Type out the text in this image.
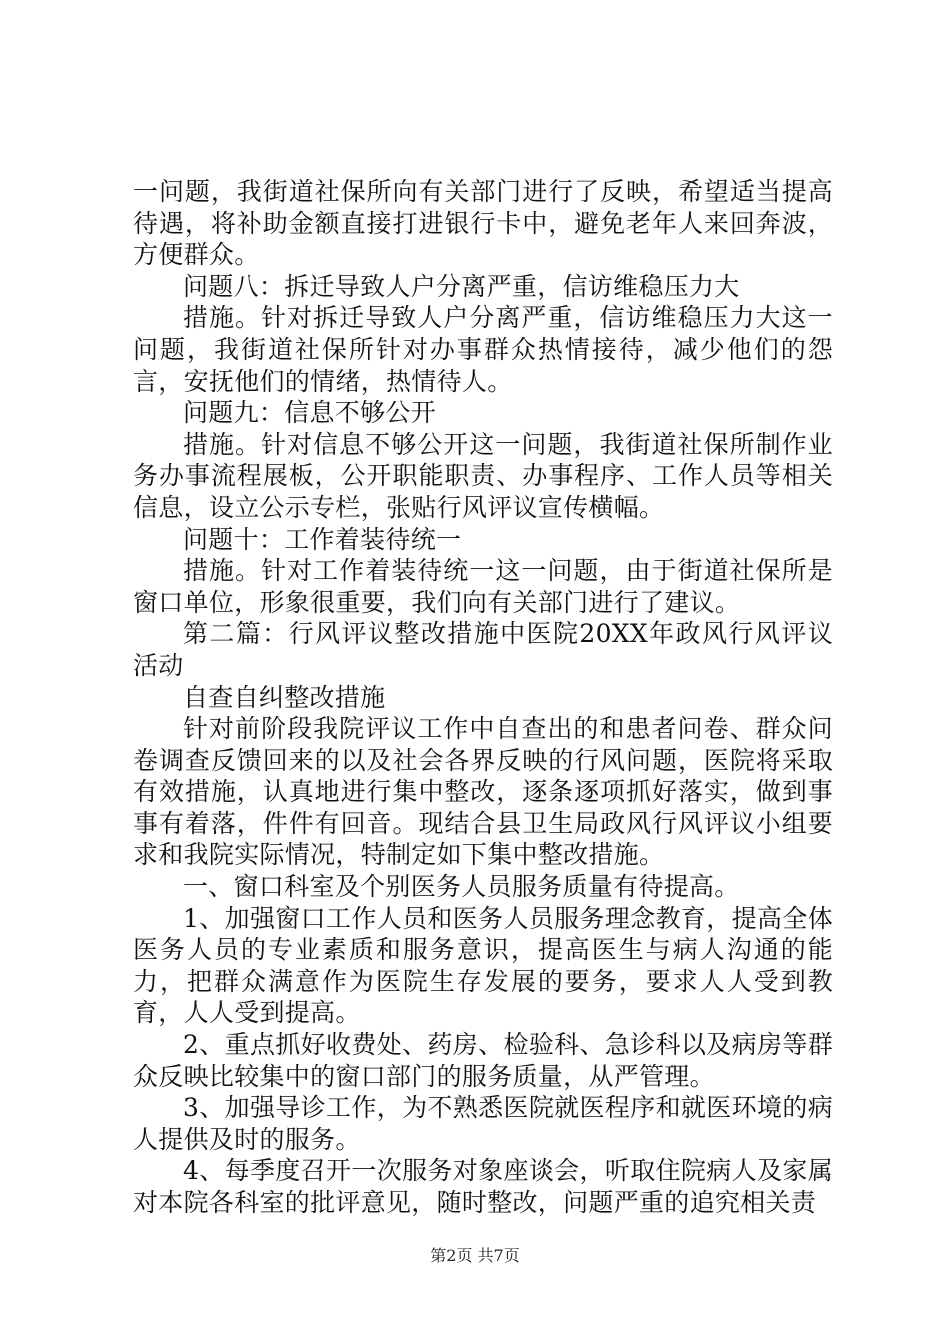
一问题，我街道社保所向有关部门进行了反映，希望适当提高待遇，将补助金额直接打进银行卡中，避免老年人来回奔波，方便群众。

问题八：拆迁导致人户分离严重，信访维稳压力大

措施。针对拆迁导致人户分离严重，信访维稳压力大这一问题，我街道社保所针对办事群众热情接待，减少他们的怨言，安抚他们的情绪，热情待人。

问题九：信息不够公开

措施。针对信息不够公开这一问题，我街道社保所制作业务办事流程展板，公开职能职责、办事程序、工作人员等相关信息，设立公示专栏，张贴行风评议宣传横幅。

问题十：工作着装待统一

措施。针对工作着装待统一这一问题，由于街道社保所是窗口单位，形象很重要，我们向有关部门进行了建议。

第二篇：行风评议整改措施中医院20XX年政风行风评议活动

自查自纠整改措施

针对前阶段我院评议工作中自查出的和患者问卷、群众问卷调查反馈回来的以及社会各界反映的行风问题，医院将采取有效措施，认真地进行集中整改，逐条逐项抓好落实，做到事事有着落，件件有回音。现结合县卫生局政风行风评议小组要求和我院实际情况，特制定如下集中整改措施。

一、窗口科室及个别医务人员服务质量有待提高。

1、加强窗口工作人员和医务人员服务理念教育，提高全体医务人员的专业素质和服务意识，提高医生与病人沟通的能力，把群众满意作为医院生存发展的要务，要求人人受到教育，人人受到提高。

2、重点抓好收费处、药房、检验科、急诊科以及病房等群众反映比较集中的窗口部门的服务质量，从严管理。

3、加强导诊工作，为不熟悉医院就医程序和就医环境的病人提供及时的服务。

4、每季度召开一次服务对象座谈会，听取住院病人及家属对本院各科室的批评意见，随时整改，问题严重的追究相关责

第2页 共7页
